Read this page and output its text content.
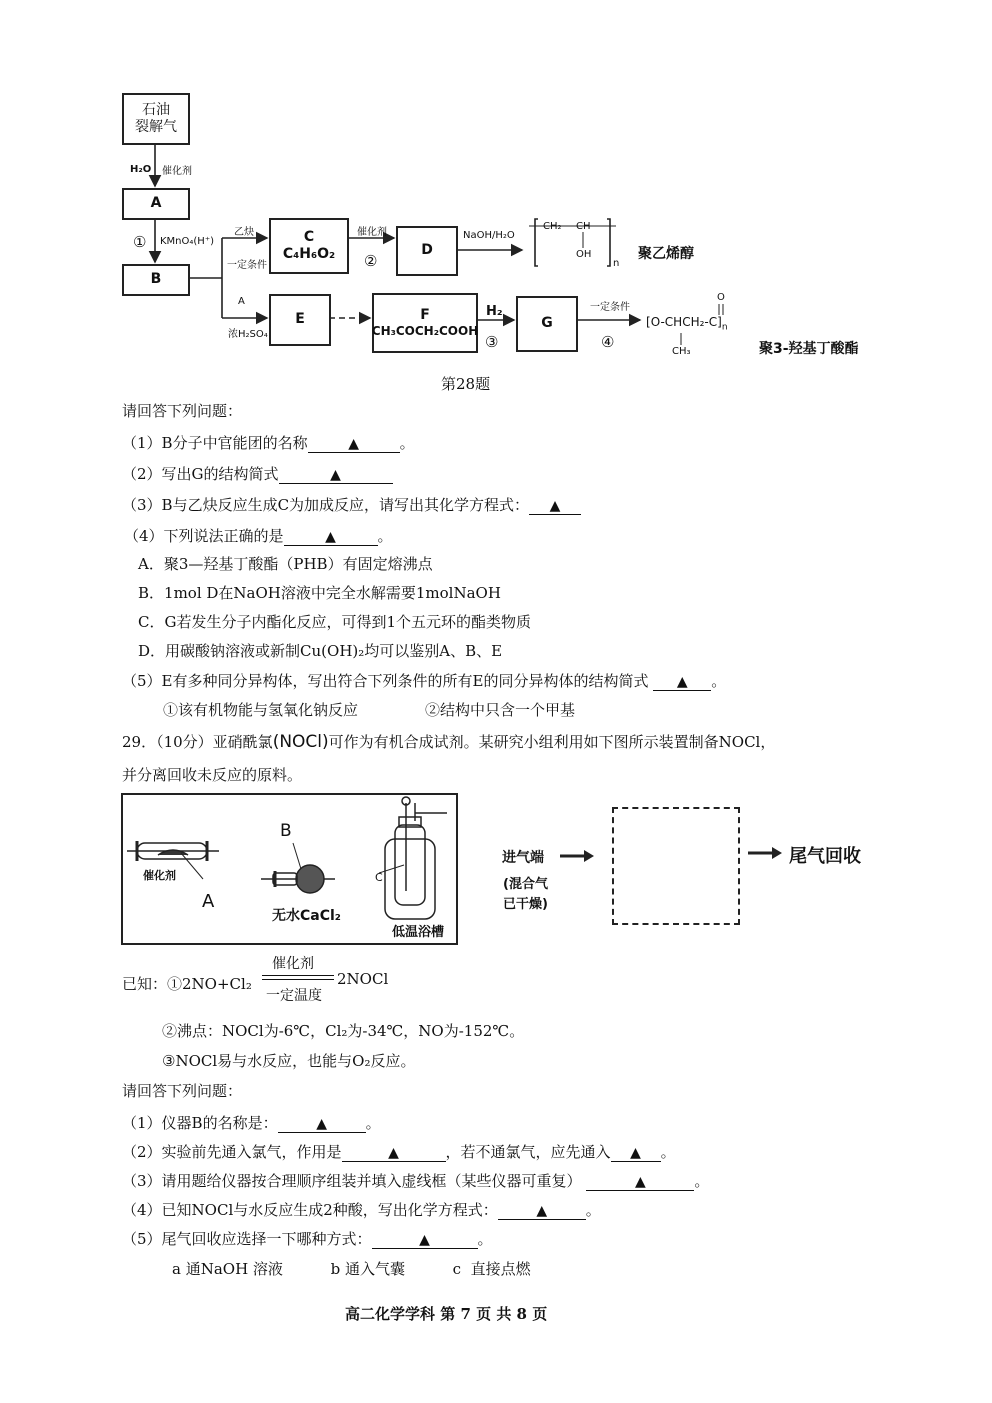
石油
裂解气
H₂O 催化剂
A
① KMnO₄(H⁺)
B
乙炔
一定条件
C
C₄H₆O₂
催化剂
②
D
NaOH/H₂O
CH₂ CH
OH
n
聚乙烯醇
A
浓H₂SO₄
E	F
CH₃COCH₂COOH
H₂
③
G
一定条件
④
O
$[O-CHCH_2-C]_n$
CH₃	聚3-羟基丁酸酯
第28题
请回答下列问题：
（1）B分子中官能团的名称	▲	。
（2）写出G的结构简式	▲
（3）B与乙炔反应生成C为加成反应，请写出其化学方程式： ▲
（4）下列说法正确的是	▲	。
A．聚3—羟基丁酸酯（PHB）有固定熔沸点
B．1mol D在NaOH溶液中完全水解需要1molNaOH
C．G若发生分子内酯化反应，可得到1个五元环的酯类物质
D．用碳酸钠溶液或新制Cu(OH)₂均可以鉴别A、B、E
（5）E有多种同分异构体，写出符合下列条件的所有E的同分异构体的结构简式 ▲ 。
①该有机物能与氢氧化钠反应	②结构中只含一个甲基
29．（10分）亚硝酰氯(NOCl)可作为有机合成试剂。某研究小组利用如下图所示装置制备NOCl，
并分离回收未反应的原料。
催化剂
A
B
无水CaCl₂
C
低温浴槽
进气端
(混合气
已干燥)
尾气回收
已知：①2NO+Cl₂
催化剂
一定温度
2NOCl
②沸点：NOCl为-6℃，Cl₂为-34℃，NO为-152℃。
③NOCl易与水反应，也能与O₂反应。
请回答下列问题：
（1）仪器B的名称是：	▲	。
（2）实验前先通入氯气，作用是	▲	，若不通氯气，应先通入 ▲ 。
（3）请用题给仪器按合理顺序组装并填入虚线框（某些仪器可重复）	▲	。
（4）已知NOCl与水反应生成2种酸，写出化学方程式：	▲	。
（5）尾气回收应选择一下哪种方式：	▲	。
a 通NaOH 溶液          b 通入气囊          c  直接点燃
高二化学学科 第 7 页 共 8 页
